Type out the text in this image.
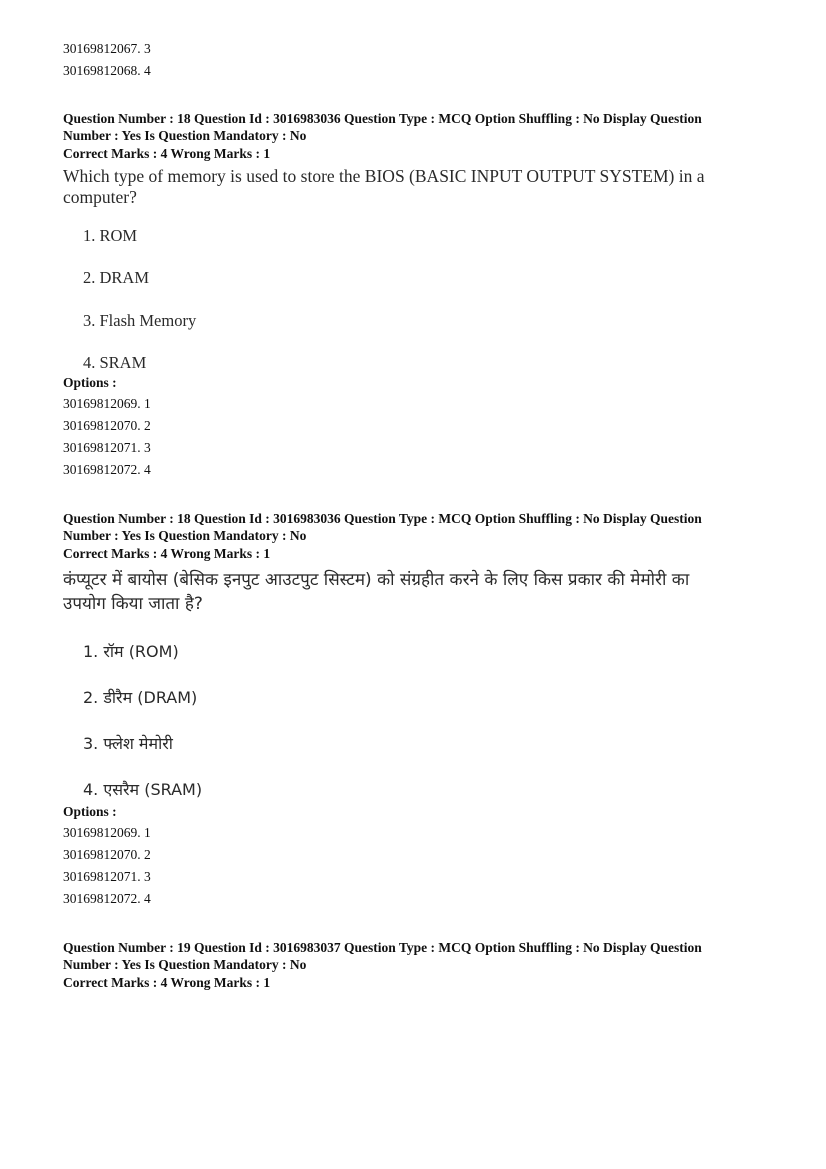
30169812067. 3
30169812068. 4
Question Number : 18 Question Id : 3016983036 Question Type : MCQ Option Shuffling : No Display Question
Number : Yes Is Question Mandatory : No
Correct Marks : 4 Wrong Marks : 1
Which type of memory is used to store the BIOS (BASIC INPUT OUTPUT SYSTEM) in a
computer?
1. ROM
2. DRAM
3. Flash Memory
4. SRAM
Options :
30169812069. 1
30169812070. 2
30169812071. 3
30169812072. 4
Question Number : 18 Question Id : 3016983036 Question Type : MCQ Option Shuffling : No Display Question
Number : Yes Is Question Mandatory : No
Correct Marks : 4 Wrong Marks : 1
कंप्यूटर में बायोस (बेसिक इनपुट आउटपुट सिस्टम) को संग्रहीत करने के लिए किस प्रकार की मेमोरी का
उपयोग किया जाता है?
1. रॉम (ROM)
2. डीरैम (DRAM)
3. फ्लेश मेमोरी
4. एसरैम (SRAM)
Options :
30169812069. 1
30169812070. 2
30169812071. 3
30169812072. 4
Question Number : 19 Question Id : 3016983037 Question Type : MCQ Option Shuffling : No Display Question
Number : Yes Is Question Mandatory : No
Correct Marks : 4 Wrong Marks : 1
